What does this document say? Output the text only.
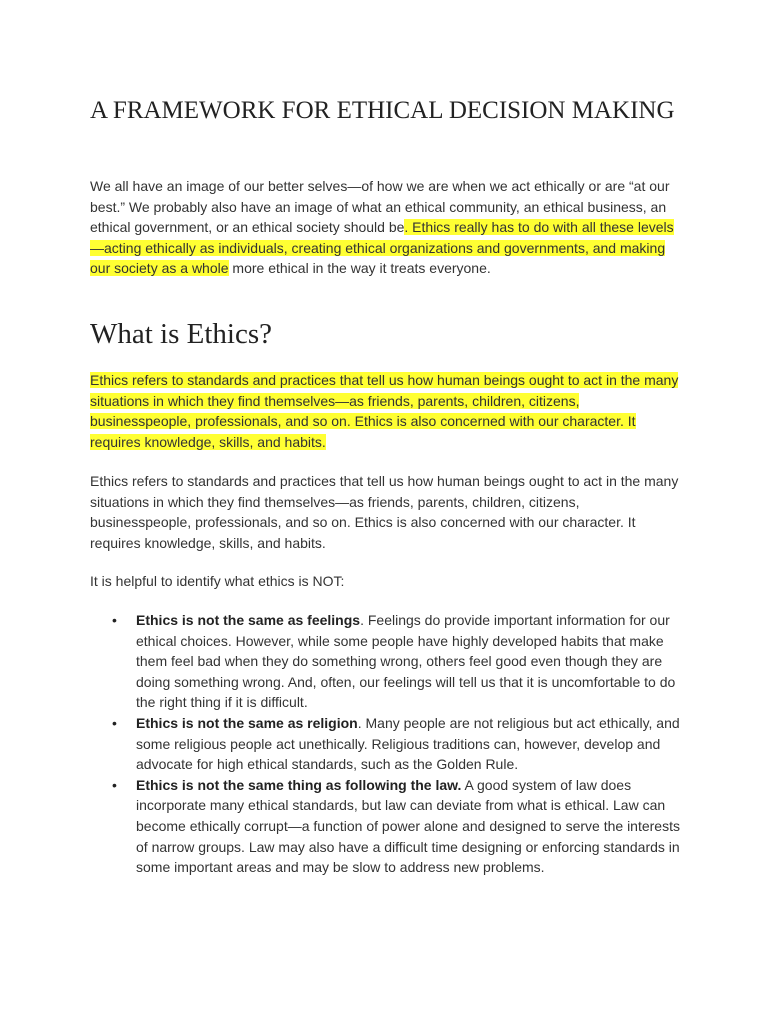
A FRAMEWORK FOR ETHICAL DECISION MAKING

We all have an image of our better selves—of how we are when we act ethically or are “at our best.” We probably also have an image of what an ethical community, an ethical business, an ethical government, or an ethical society should be. Ethics really has to do with all these levels—acting ethically as individuals, creating ethical organizations and governments, and making our society as a whole more ethical in the way it treats everyone.

What is Ethics?

Ethics refers to standards and practices that tell us how human beings ought to act in the many situations in which they find themselves—as friends, parents, children, citizens, businesspeople, professionals, and so on. Ethics is also concerned with our character. It requires knowledge, skills, and habits.

Ethics refers to standards and practices that tell us how human beings ought to act in the many situations in which they find themselves—as friends, parents, children, citizens, businesspeople, professionals, and so on. Ethics is also concerned with our character. It requires knowledge, skills, and habits.

It is helpful to identify what ethics is NOT:

• Ethics is not the same as feelings. Feelings do provide important information for our ethical choices. However, while some people have highly developed habits that make them feel bad when they do something wrong, others feel good even though they are doing something wrong. And, often, our feelings will tell us that it is uncomfortable to do the right thing if it is difficult.
• Ethics is not the same as religion. Many people are not religious but act ethically, and some religious people act unethically. Religious traditions can, however, develop and advocate for high ethical standards, such as the Golden Rule.
• Ethics is not the same thing as following the law. A good system of law does incorporate many ethical standards, but law can deviate from what is ethical. Law can become ethically corrupt—a function of power alone and designed to serve the interests of narrow groups. Law may also have a difficult time designing or enforcing standards in some important areas and may be slow to address new problems.
